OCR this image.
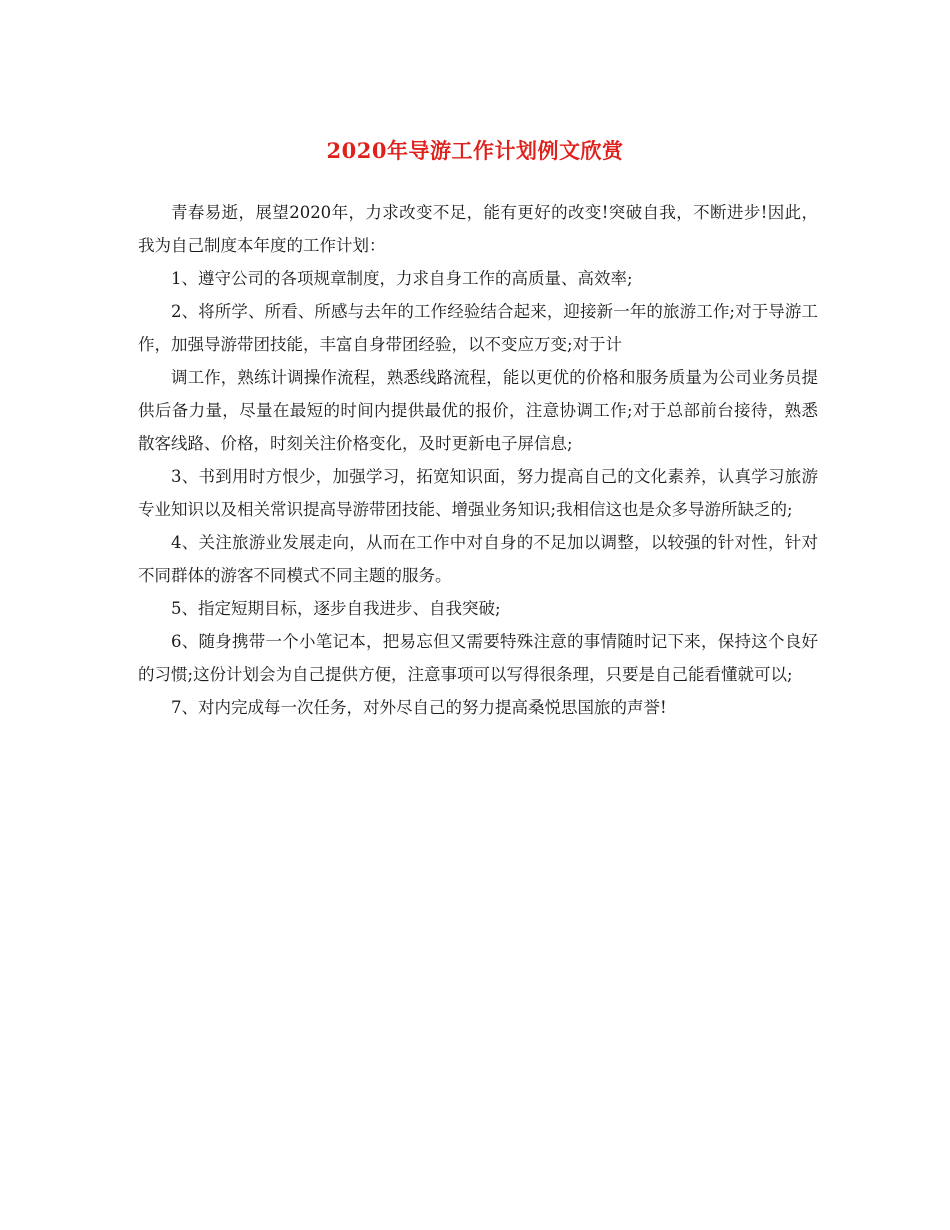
2020年导游工作计划例文欣赏

青春易逝，展望2020年，力求改变不足，能有更好的改变!突破自我，不断进步!因此，我为自己制度本年度的工作计划：

1、遵守公司的各项规章制度，力求自身工作的高质量、高效率;

2、将所学、所看、所感与去年的工作经验结合起来，迎接新一年的旅游工作;对于导游工作，加强导游带团技能，丰富自身带团经验，以不变应万变;对于计

调工作，熟练计调操作流程，熟悉线路流程，能以更优的价格和服务质量为公司业务员提供后备力量，尽量在最短的时间内提供最优的报价，注意协调工作;对于总部前台接待，熟悉散客线路、价格，时刻关注价格变化，及时更新电子屏信息;

3、书到用时方恨少，加强学习，拓宽知识面，努力提高自己的文化素养，认真学习旅游专业知识以及相关常识提高导游带团技能、增强业务知识;我相信这也是众多导游所缺乏的;

4、关注旅游业发展走向，从而在工作中对自身的不足加以调整，以较强的针对性，针对不同群体的游客不同模式不同主题的服务。

5、指定短期目标，逐步自我进步、自我突破;

6、随身携带一个小笔记本，把易忘但又需要特殊注意的事情随时记下来，保持这个良好的习惯;这份计划会为自己提供方便，注意事项可以写得很条理，只要是自己能看懂就可以;

7、对内完成每一次任务，对外尽自己的努力提高桑悦思国旅的声誉!
